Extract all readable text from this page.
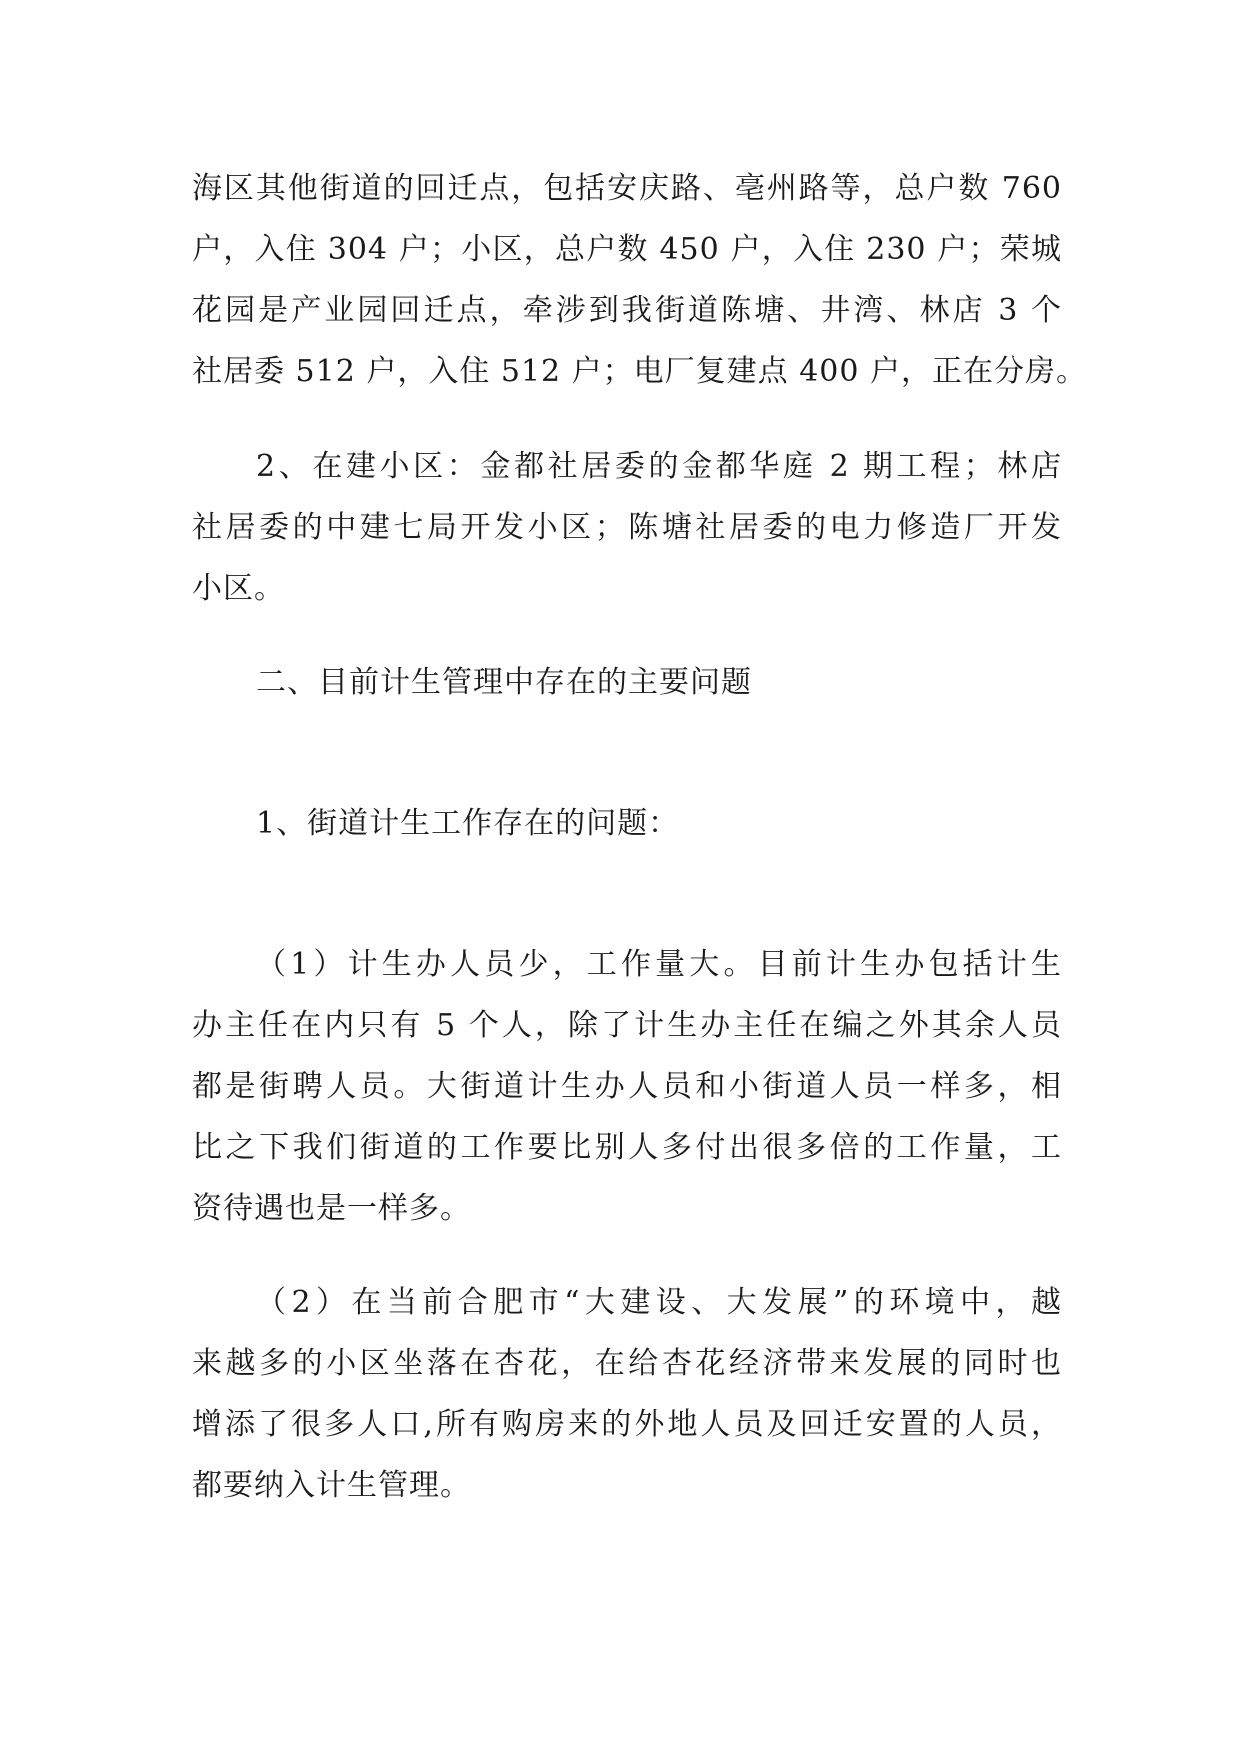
海区其他街道的回迁点，包括安庆路、亳州路等，总户数 760
户，入住 304 户；小区，总户数 450 户，入住 230 户；荣城
花园是产业园回迁点，牵涉到我街道陈塘、井湾、林店 3 个
社居委 512 户，入住 512 户；电厂复建点 400 户，正在分房。
2、在建小区：金都社居委的金都华庭 2 期工程；林店
社居委的中建七局开发小区；陈塘社居委的电力修造厂开发
小区。
二、目前计生管理中存在的主要问题
1、街道计生工作存在的问题：
（1）计生办人员少，工作量大。目前计生办包括计生
办主任在内只有 5 个人，除了计生办主任在编之外其余人员
都是街聘人员。大街道计生办人员和小街道人员一样多，相
比之下我们街道的工作要比别人多付出很多倍的工作量，工
资待遇也是一样多。
（2）在当前合肥市“大建设、大发展”的环境中，越
来越多的小区坐落在杏花，在给杏花经济带来发展的同时也
增添了很多人口,所有购房来的外地人员及回迁安置的人员，
都要纳入计生管理。
